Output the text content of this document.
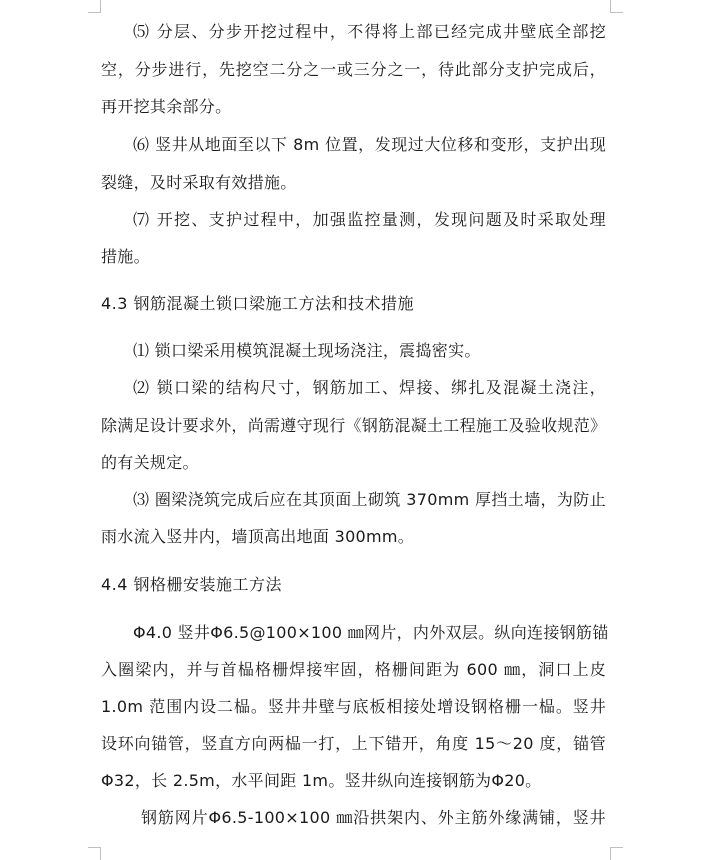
⑸ 分层、分步开挖过程中，不得将上部已经完成井壁底全部挖
空，分步进行，先挖空二分之一或三分之一，待此部分支护完成后，
再开挖其余部分。
⑹ 竖井从地面至以下 8m 位置，发现过大位移和变形，支护出现
裂缝，及时采取有效措施。
⑺ 开挖、支护过程中，加强监控量测，发现问题及时采取处理
措施。
4.3 钢筋混凝土锁口梁施工方法和技术措施
⑴ 锁口梁采用模筑混凝土现场浇注，震捣密实。
⑵ 锁口梁的结构尺寸，钢筋加工、焊接、绑扎及混凝土浇注，
除满足设计要求外，尚需遵守现行《钢筋混凝土工程施工及验收规范》
的有关规定。
⑶ 圈梁浇筑完成后应在其顶面上砌筑 370mm 厚挡土墙，为防止
雨水流入竖井内，墙顶高出地面 300mm。
4.4 钢格栅安装施工方法
Φ4.0 竖井Φ6.5@100×100 ㎜网片，内外双层。纵向连接钢筋锚
入圈梁内，并与首榀格栅焊接牢固，格栅间距为 600 ㎜，洞口上皮
1.0m 范围内设二榀。竖井井壁与底板相接处增设钢格栅一榀。竖井
设环向锚管，竖直方向两榀一打，上下错开，角度 15～20 度，锚管
Φ32，长 2.5m，水平间距 1m。竖井纵向连接钢筋为Φ20。
钢筋网片Φ6.5-100×100 ㎜沿拱架内、外主筋外缘满铺，竖井
